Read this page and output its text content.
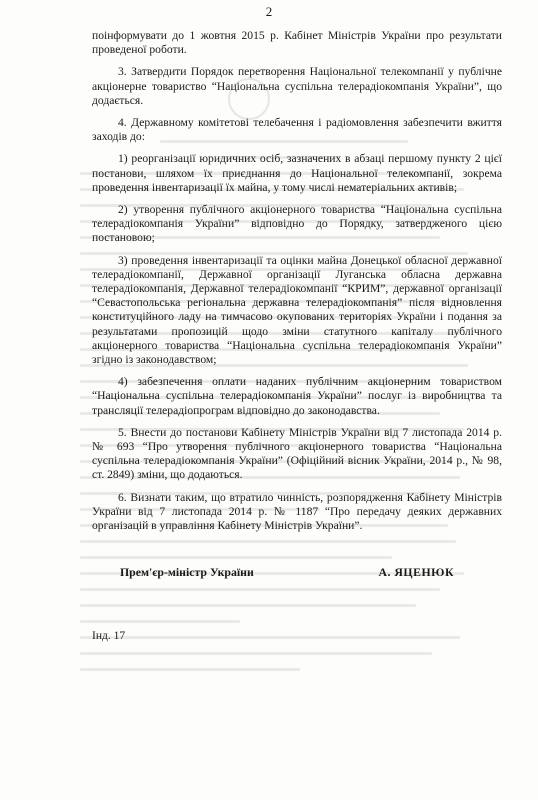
2

поінформувати до 1 жовтня 2015 р. Кабінет Міністрів України про результати проведеної роботи.

3. Затвердити Порядок перетворення Національної телекомпанії у публічне акціонерне товариство “Національна суспільна телерадіокомпанія України”, що додається.

4. Державному комітетові телебачення і радіомовлення забезпечити вжиття заходів до:

1) реорганізації юридичних осіб, зазначених в абзаці першому пункту 2 цієї постанови, шляхом їх приєднання до Національної телекомпанії, зокрема проведення інвентаризації їх майна, у тому числі нематеріальних активів;

2) утворення публічного акціонерного товариства “Національна суспільна телерадіокомпанія України” відповідно до Порядку, затвердженого цією постановою;

3) проведення інвентаризації та оцінки майна Донецької обласної державної телерадіокомпанії, Державної організації Луганська обласна державна телерадіокомпанія, Державної телерадіокомпанії “КРИМ”, державної організації “Севастопольська регіональна державна телерадіокомпанія” після відновлення конституційного ладу на тимчасово окупованих територіях України і подання за результатами пропозицій щодо зміни статутного капіталу публічного акціонерного товариства “Національна суспільна телерадіокомпанія України” згідно із законодавством;

4) забезпечення оплати наданих публічним акціонерним товариством “Національна суспільна телерадіокомпанія України” послуг із виробництва та трансляції телерадіопрограм відповідно до законодавства.

5. Внести до постанови Кабінету Міністрів України від 7 листопада 2014 р. № 693 “Про утворення публічного акціонерного товариства “Національна суспільна телерадіокомпанія України” (Офіційний вісник України, 2014 р., № 98, ст. 2849) зміни, що додаються.

6. Визнати таким, що втратило чинність, розпорядження Кабінету Міністрів України від 7 листопада 2014 р. № 1187 “Про передачу деяких державних організацій в управління Кабінету Міністрів України”.

Прем'єр-міністр України	А. ЯЦЕНЮК
Інд. 17
